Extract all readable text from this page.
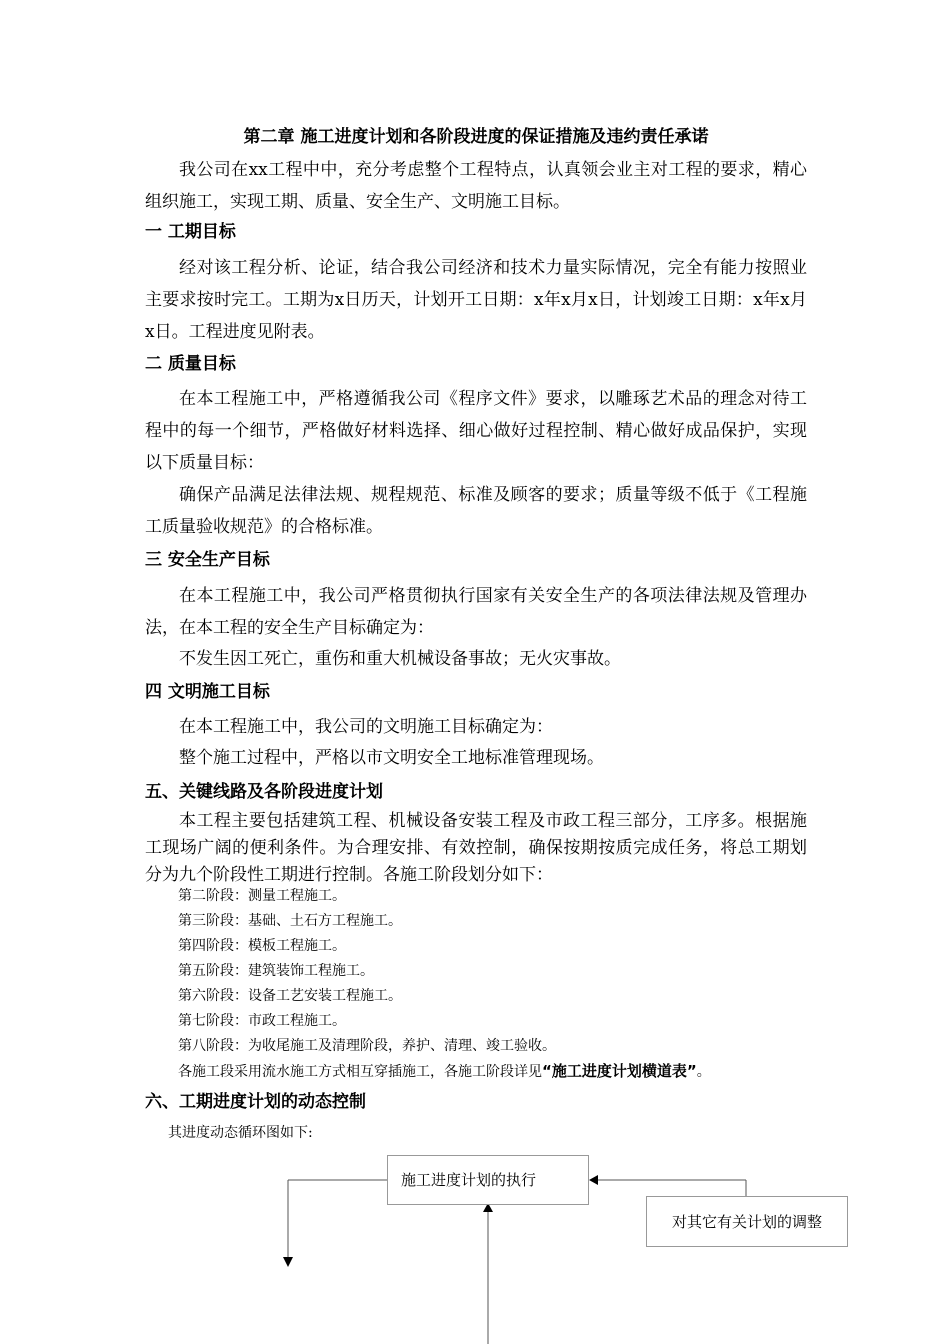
第二章 施工进度计划和各阶段进度的保证措施及违约责任承诺
我公司在xx工程中中，充分考虑整个工程特点，认真领会业主对工程的要求，精心组织施工，实现工期、质量、安全生产、文明施工目标。
一 工期目标
经对该工程分析、论证，结合我公司经济和技术力量实际情况，完全有能力按照业主要求按时完工。工期为x日历天，计划开工日期：x年x月x日，计划竣工日期：x年x月x日。工程进度见附表。
二 质量目标
在本工程施工中，严格遵循我公司《程序文件》要求，以雕琢艺术品的理念对待工程中的每一个细节，严格做好材料选择、细心做好过程控制、精心做好成品保护，实现以下质量目标：
确保产品满足法律法规、规程规范、标准及顾客的要求；质量等级不低于《工程施工质量验收规范》的合格标准。
三 安全生产目标
在本工程施工中，我公司严格贯彻执行国家有关安全生产的各项法律法规及管理办法，在本工程的安全生产目标确定为：
不发生因工死亡，重伤和重大机械设备事故；无火灾事故。
四 文明施工目标
在本工程施工中，我公司的文明施工目标确定为：
整个施工过程中，严格以市文明安全工地标准管理现场。
五、关键线路及各阶段进度计划
本工程主要包括建筑工程、机械设备安装工程及市政工程三部分，工序多。根据施工现场广阔的便利条件。为合理安排、有效控制，确保按期按质完成任务，将总工期划分为九个阶段性工期进行控制。各施工阶段划分如下：
第二阶段：测量工程施工。
第三阶段：基础、土石方工程施工。
第四阶段：模板工程施工。
第五阶段：建筑装饰工程施工。
第六阶段：设备工艺安装工程施工。
第七阶段：市政工程施工。
第八阶段：为收尾施工及清理阶段，养护、清理、竣工验收。
各施工段采用流水施工方式相互穿插施工，各施工阶段详见“施工进度计划横道表”。
六、工期进度计划的动态控制
其进度动态循环图如下:
施工进度计划的执行
对其它有关计划的调整
